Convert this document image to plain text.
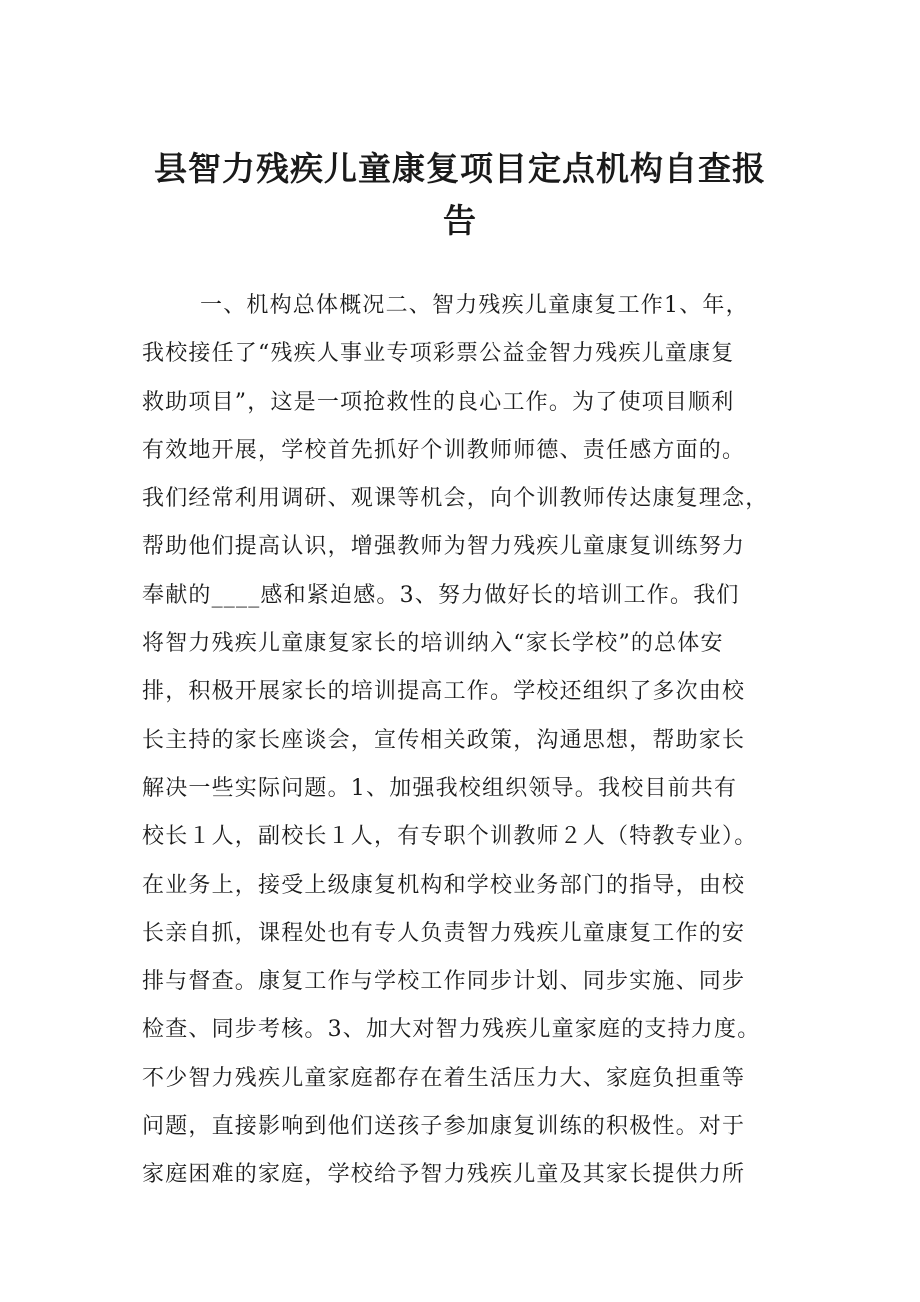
县智力残疾儿童康复项目定点机构自查报
告
一、机构总体概况二、智力残疾儿童康复工作1、年，
我校接任了“残疾人事业专项彩票公益金智力残疾儿童康复
救助项目”，这是一项抢救性的良心工作。为了使项目顺利
有效地开展，学校首先抓好个训教师师德、责任感方面的。
我们经常利用调研、观课等机会，向个训教师传达康复理念，
帮助他们提高认识，增强教师为智力残疾儿童康复训练努力
奉献的____感和紧迫感。3、努力做好长的培训工作。我们
将智力残疾儿童康复家长的培训纳入“家长学校”的总体安
排，积极开展家长的培训提高工作。学校还组织了多次由校
长主持的家长座谈会，宣传相关政策，沟通思想，帮助家长
解决一些实际问题。1、加强我校组织领导。我校目前共有
校长１人，副校长１人，有专职个训教师２人（特教专业）。
在业务上，接受上级康复机构和学校业务部门的指导，由校
长亲自抓，课程处也有专人负责智力残疾儿童康复工作的安
排与督查。康复工作与学校工作同步计划、同步实施、同步
检查、同步考核。3、加大对智力残疾儿童家庭的支持力度。
不少智力残疾儿童家庭都存在着生活压力大、家庭负担重等
问题，直接影响到他们送孩子参加康复训练的积极性。对于
家庭困难的家庭，学校给予智力残疾儿童及其家长提供力所
